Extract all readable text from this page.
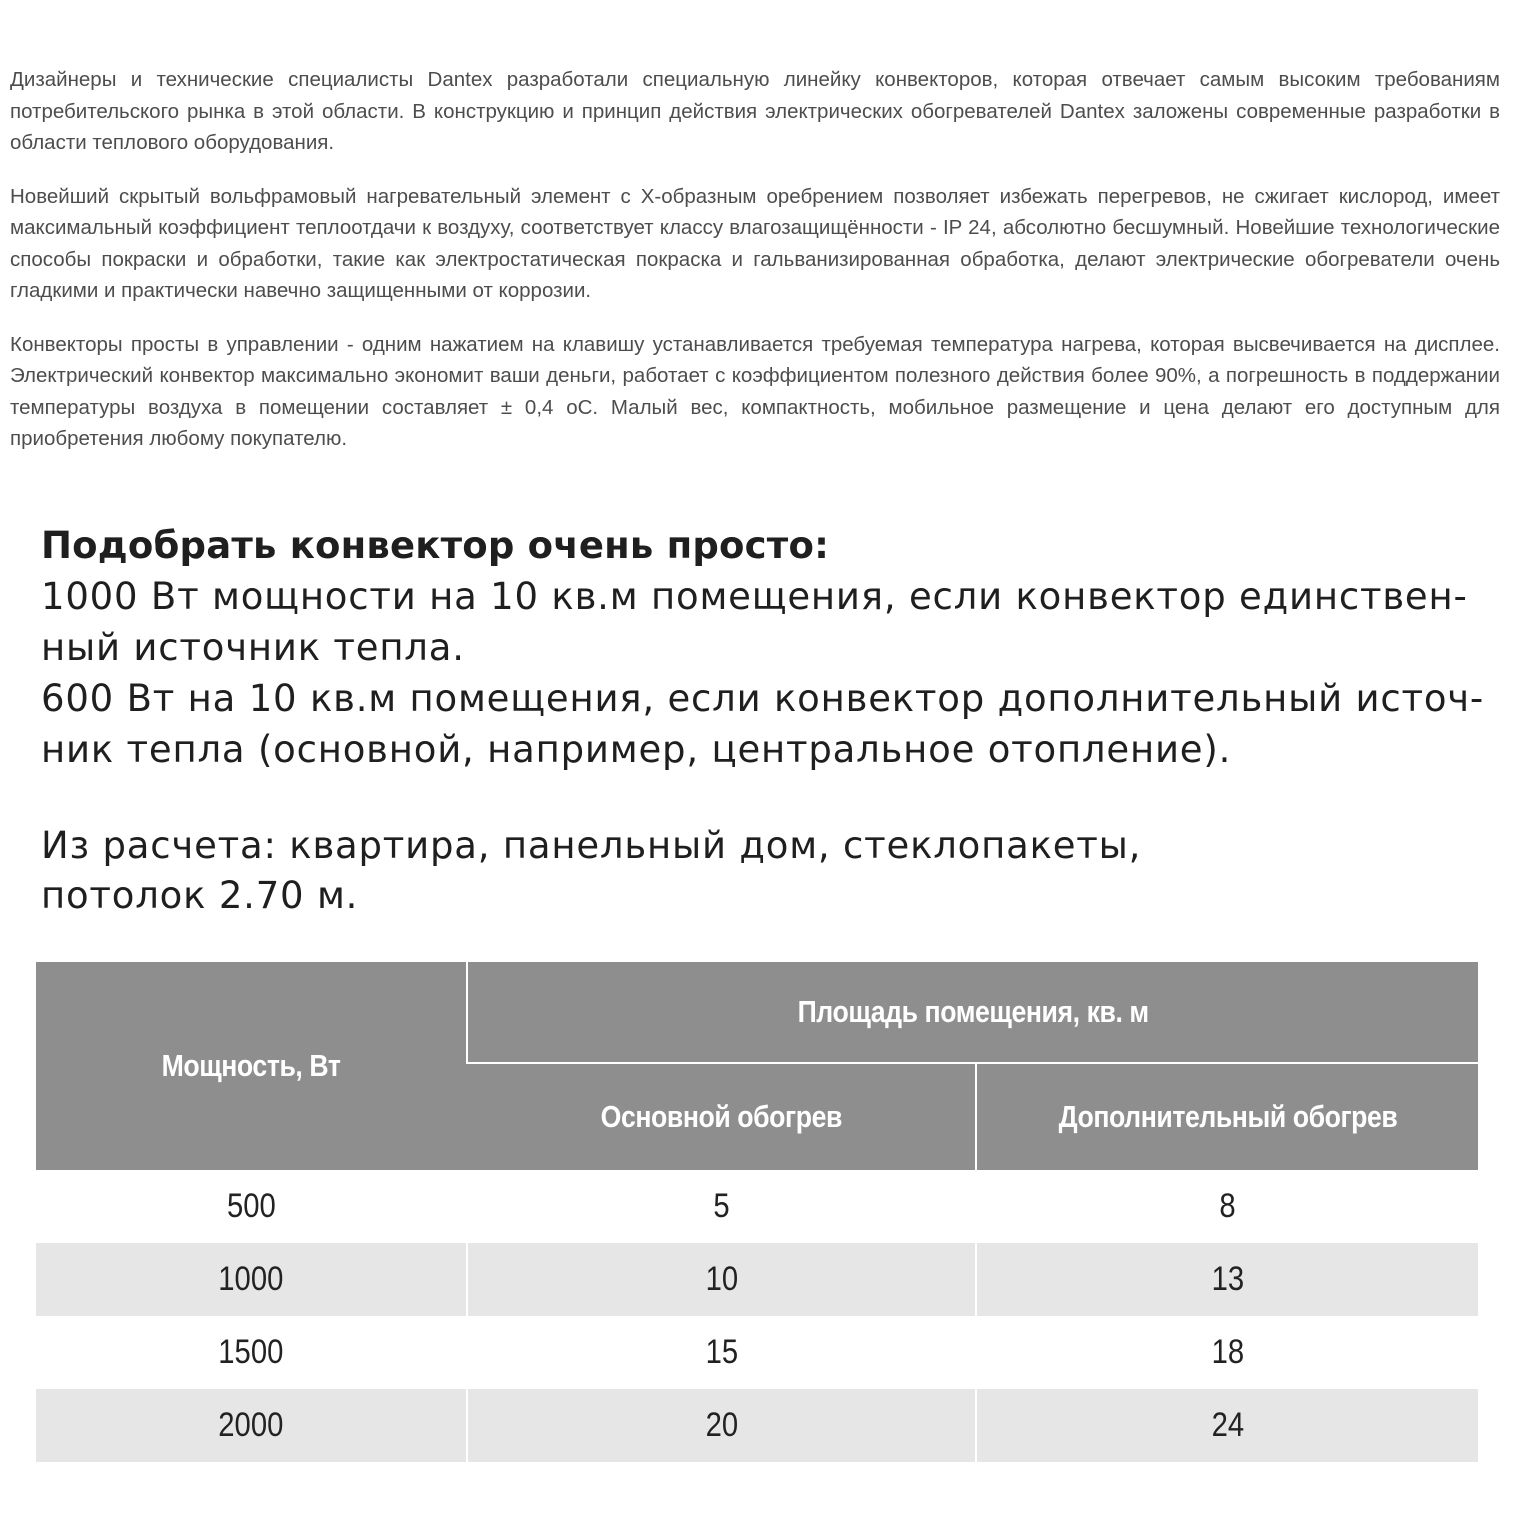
Дизайнеры и технические специалисты Dantex разработали специальную линейку конвекторов, которая отвечает самым высоким требованиям потребительского рынка в этой области. В конструкцию и принцип действия электрических обогревателей Dantex заложены современные разработки в области теплового оборудования.

Новейший скрытый вольфрамовый нагревательный элемент с X-образным оребрением позволяет избежать перегревов, не сжигает кислород, имеет максимальный коэффициент теплоотдачи к воздуху, соответствует классу влагозащищённости - IP 24, абсолютно бесшумный. Новейшие технологические способы покраски и обработки, такие как электростатическая покраска и гальванизированная обработка, делают электрические обогреватели очень гладкими и практически навечно защищенными от коррозии.

Конвекторы просты в управлении - одним нажатием на клавишу устанавливается требуемая температура нагрева, которая высвечивается на дисплее. Электрический конвектор максимально экономит ваши деньги, работает с коэффициентом полезного действия более 90%, а погрешность в поддержании температуры воздуха в помещении составляет ± 0,4 оС. Малый вес, компактность, мобильное размещение и цена делают его доступным для приобретения любому покупателю.

Подобрать конвектор очень просто:
1000 Вт мощности на 10 кв.м помещения, если конвектор единствен-
ный источник тепла.
600 Вт на 10 кв.м помещения, если конвектор дополнительный источ-
ник тепла (основной, например, центральное отопление).
Из расчета: квартира, панельный дом, стеклопакеты,
потолок 2.70 м.
Мощность, Вт	Площадь помещения, кв. м	
	Основной обогрев	Дополнительный обогрев
500	5	8
1000	10	13
1500	15	18
2000	20	24
